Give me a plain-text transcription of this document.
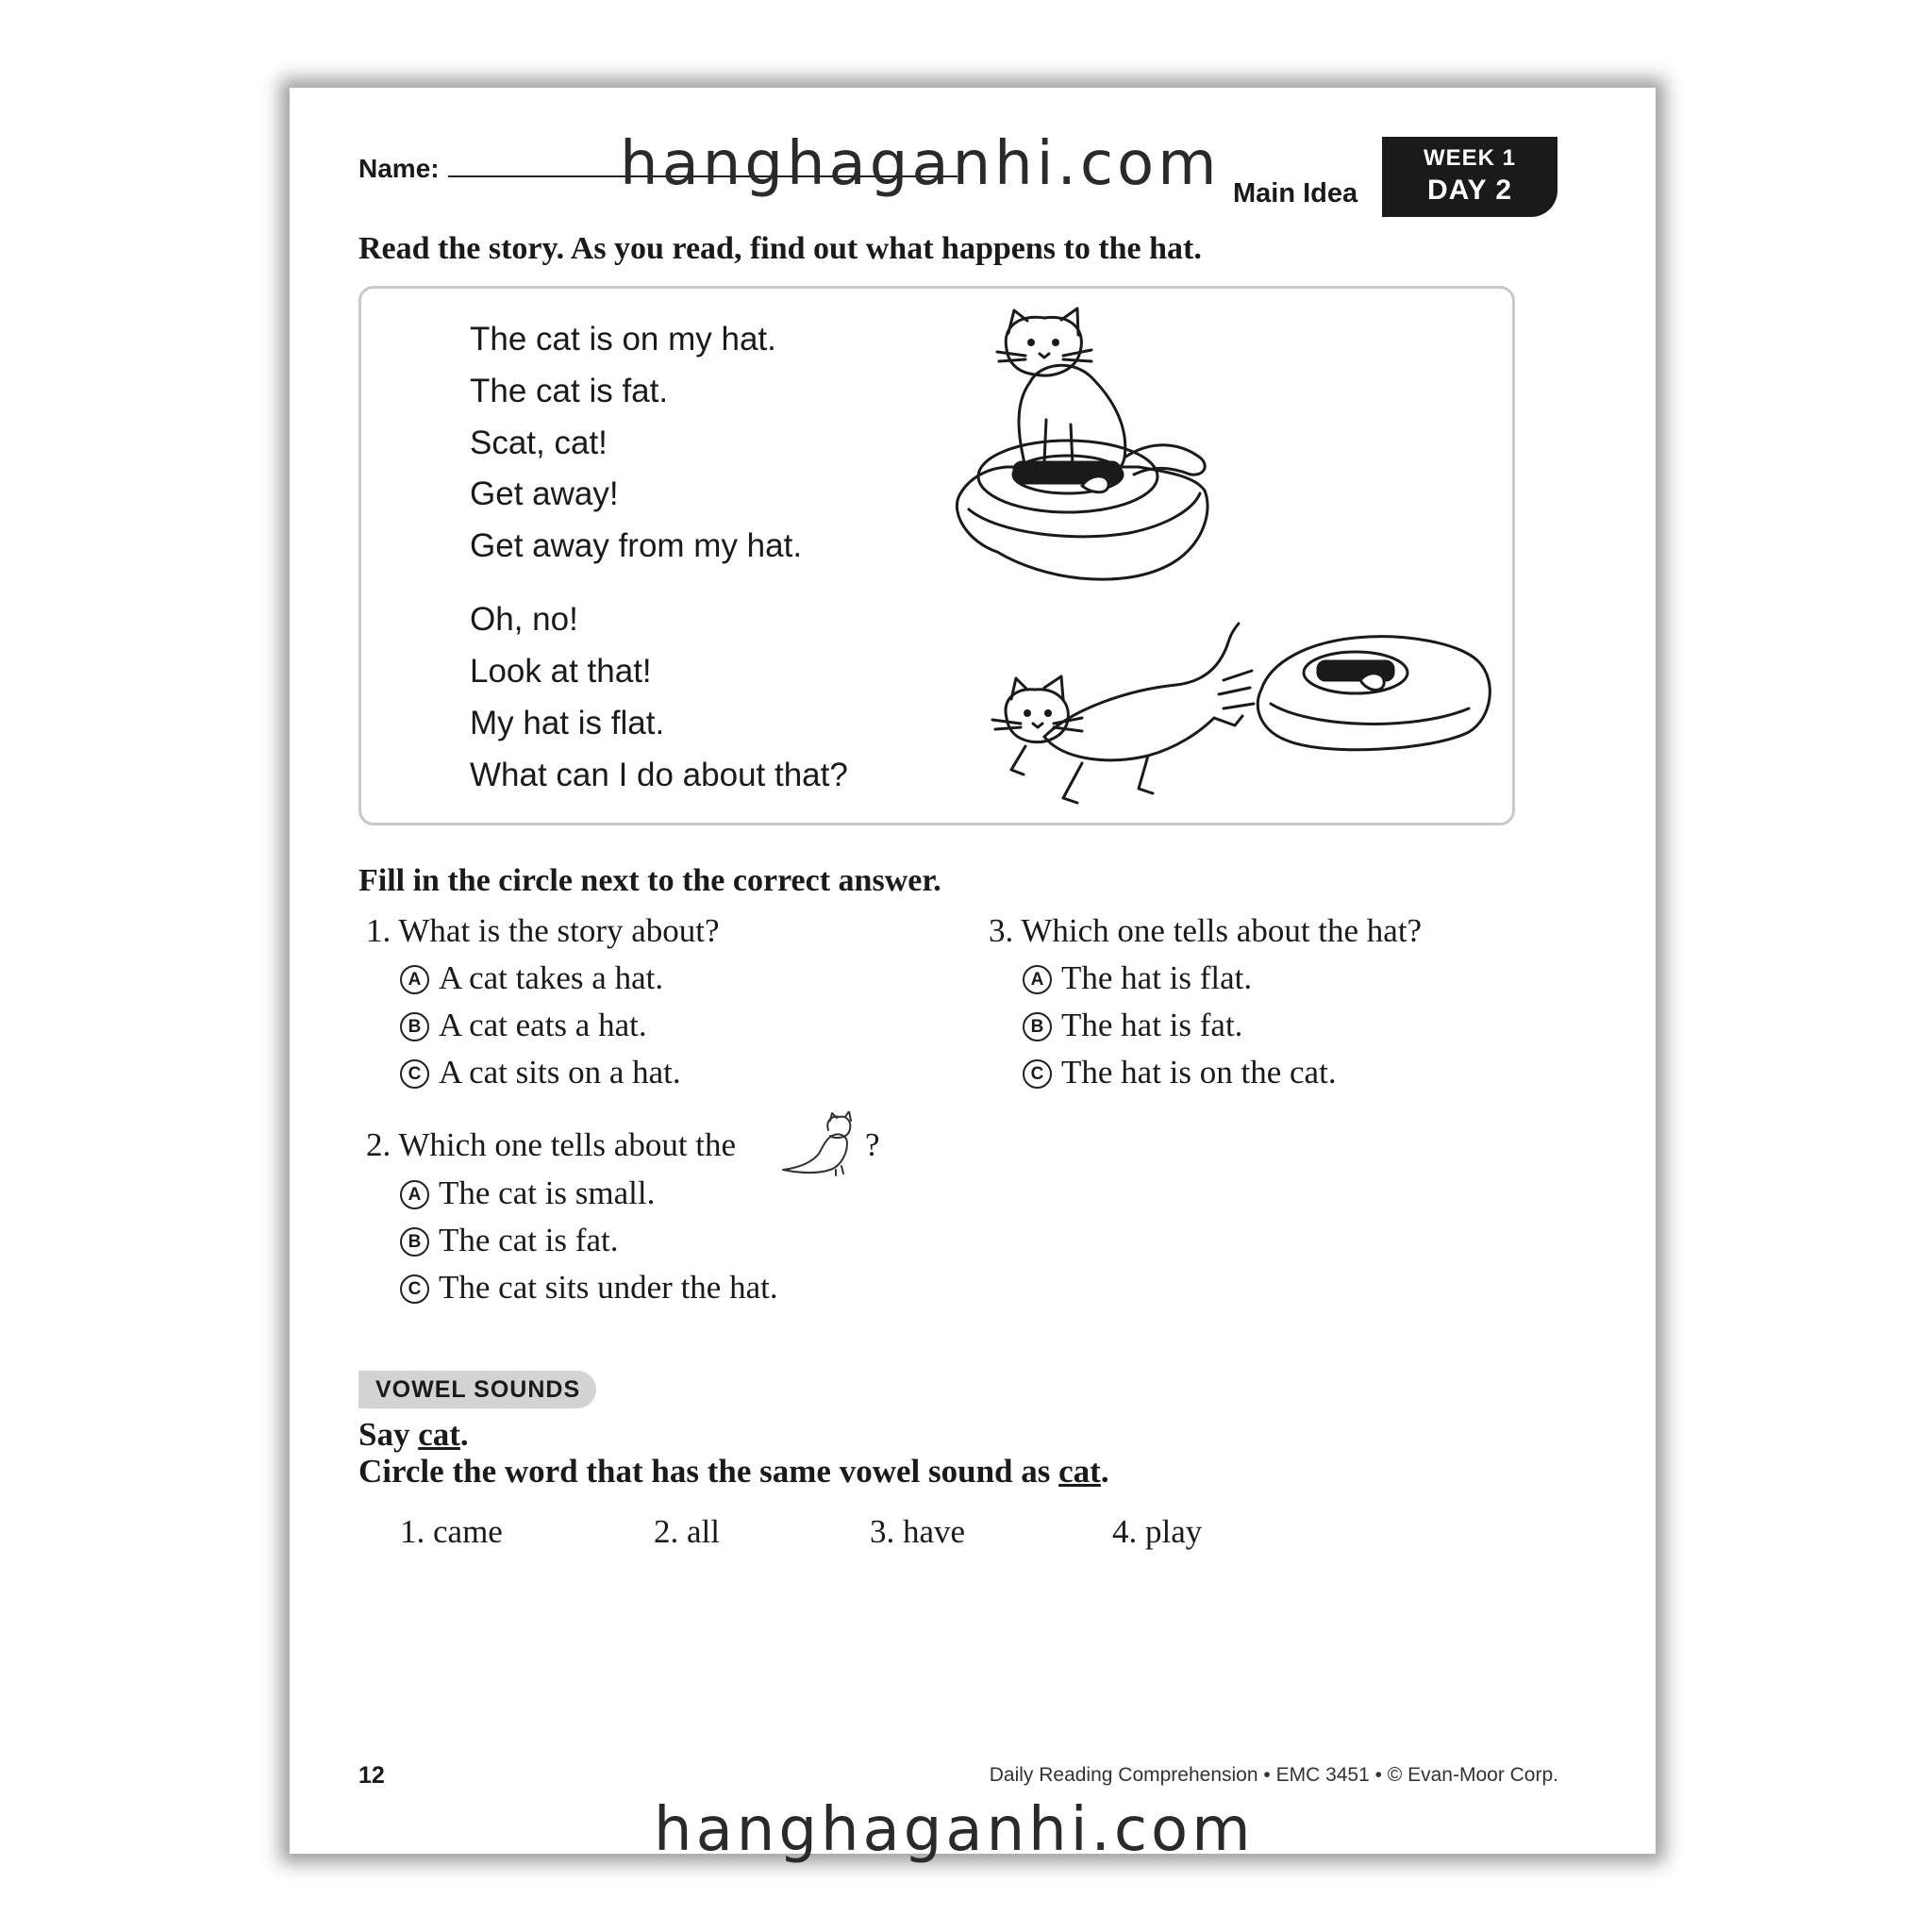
Name:	hanghaganhi.com Main Idea
WEEK 1
DAY 2
Read the story. As you read, find out what happens to the hat.
The cat is on my hat.
The cat is fat.
Scat, cat!
Get away!
Get away from my hat.
Oh, no!
Look at that!
My hat is flat.
What can I do about that?
Fill in the circle next to the correct answer.
1. What is the story about?
A A cat takes a hat.
B A cat eats a hat.
C A cat sits on a hat.
2. Which one tells about the	?
A The cat is small.
B The cat is fat.
C The cat sits under the hat.
3. Which one tells about the hat?
A The hat is flat.
B The hat is fat.
C The hat is on the cat.
VOWEL SOUNDS
Say cat.
Circle the word that has the same vowel sound as cat.
1. came	2. all	3. have	4. play
12	Daily Reading Comprehension • EMC 3451 • © Evan-Moor Corp.
hanghaganhi.com
